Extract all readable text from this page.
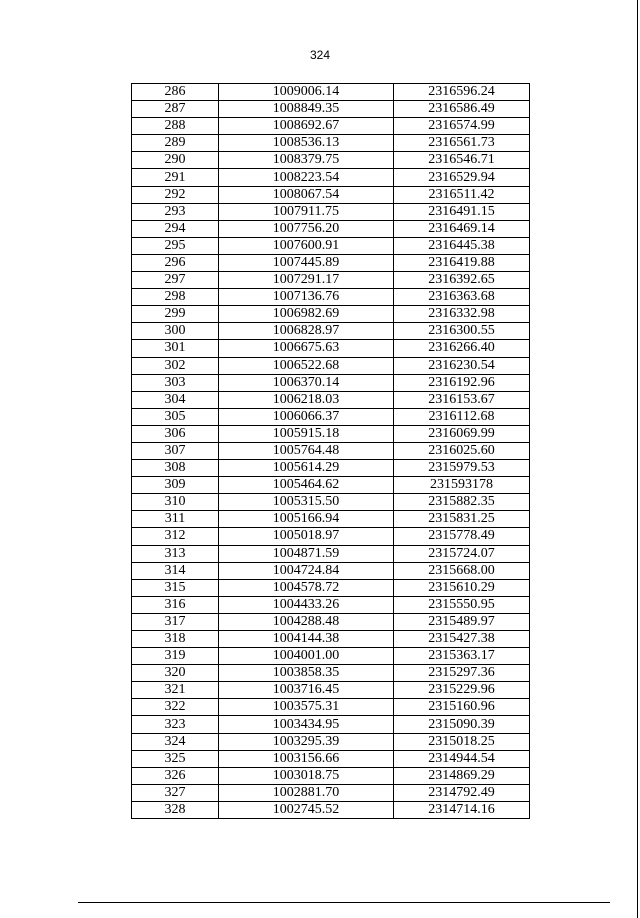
324
286	1009006.14	2316596.24
287	1008849.35	2316586.49
288	1008692.67	2316574.99
289	1008536.13	2316561.73
290	1008379.75	2316546.71
291	1008223.54	2316529.94
292	1008067.54	2316511.42
293	1007911.75	2316491.15
294	1007756.20	2316469.14
295	1007600.91	2316445.38
296	1007445.89	2316419.88
297	1007291.17	2316392.65
298	1007136.76	2316363.68
299	1006982.69	2316332.98
300	1006828.97	2316300.55
301	1006675.63	2316266.40
302	1006522.68	2316230.54
303	1006370.14	2316192.96
304	1006218.03	2316153.67
305	1006066.37	2316112.68
306	1005915.18	2316069.99
307	1005764.48	2316025.60
308	1005614.29	2315979.53
309	1005464.62	231593178
310	1005315.50	2315882.35
311	1005166.94	2315831.25
312	1005018.97	2315778.49
313	1004871.59	2315724.07
314	1004724.84	2315668.00
315	1004578.72	2315610.29
316	1004433.26	2315550.95
317	1004288.48	2315489.97
318	1004144.38	2315427.38
319	1004001.00	2315363.17
320	1003858.35	2315297.36
321	1003716.45	2315229.96
322	1003575.31	2315160.96
323	1003434.95	2315090.39
324	1003295.39	2315018.25
325	1003156.66	2314944.54
326	1003018.75	2314869.29
327	1002881.70	2314792.49
328	1002745.52	2314714.16
